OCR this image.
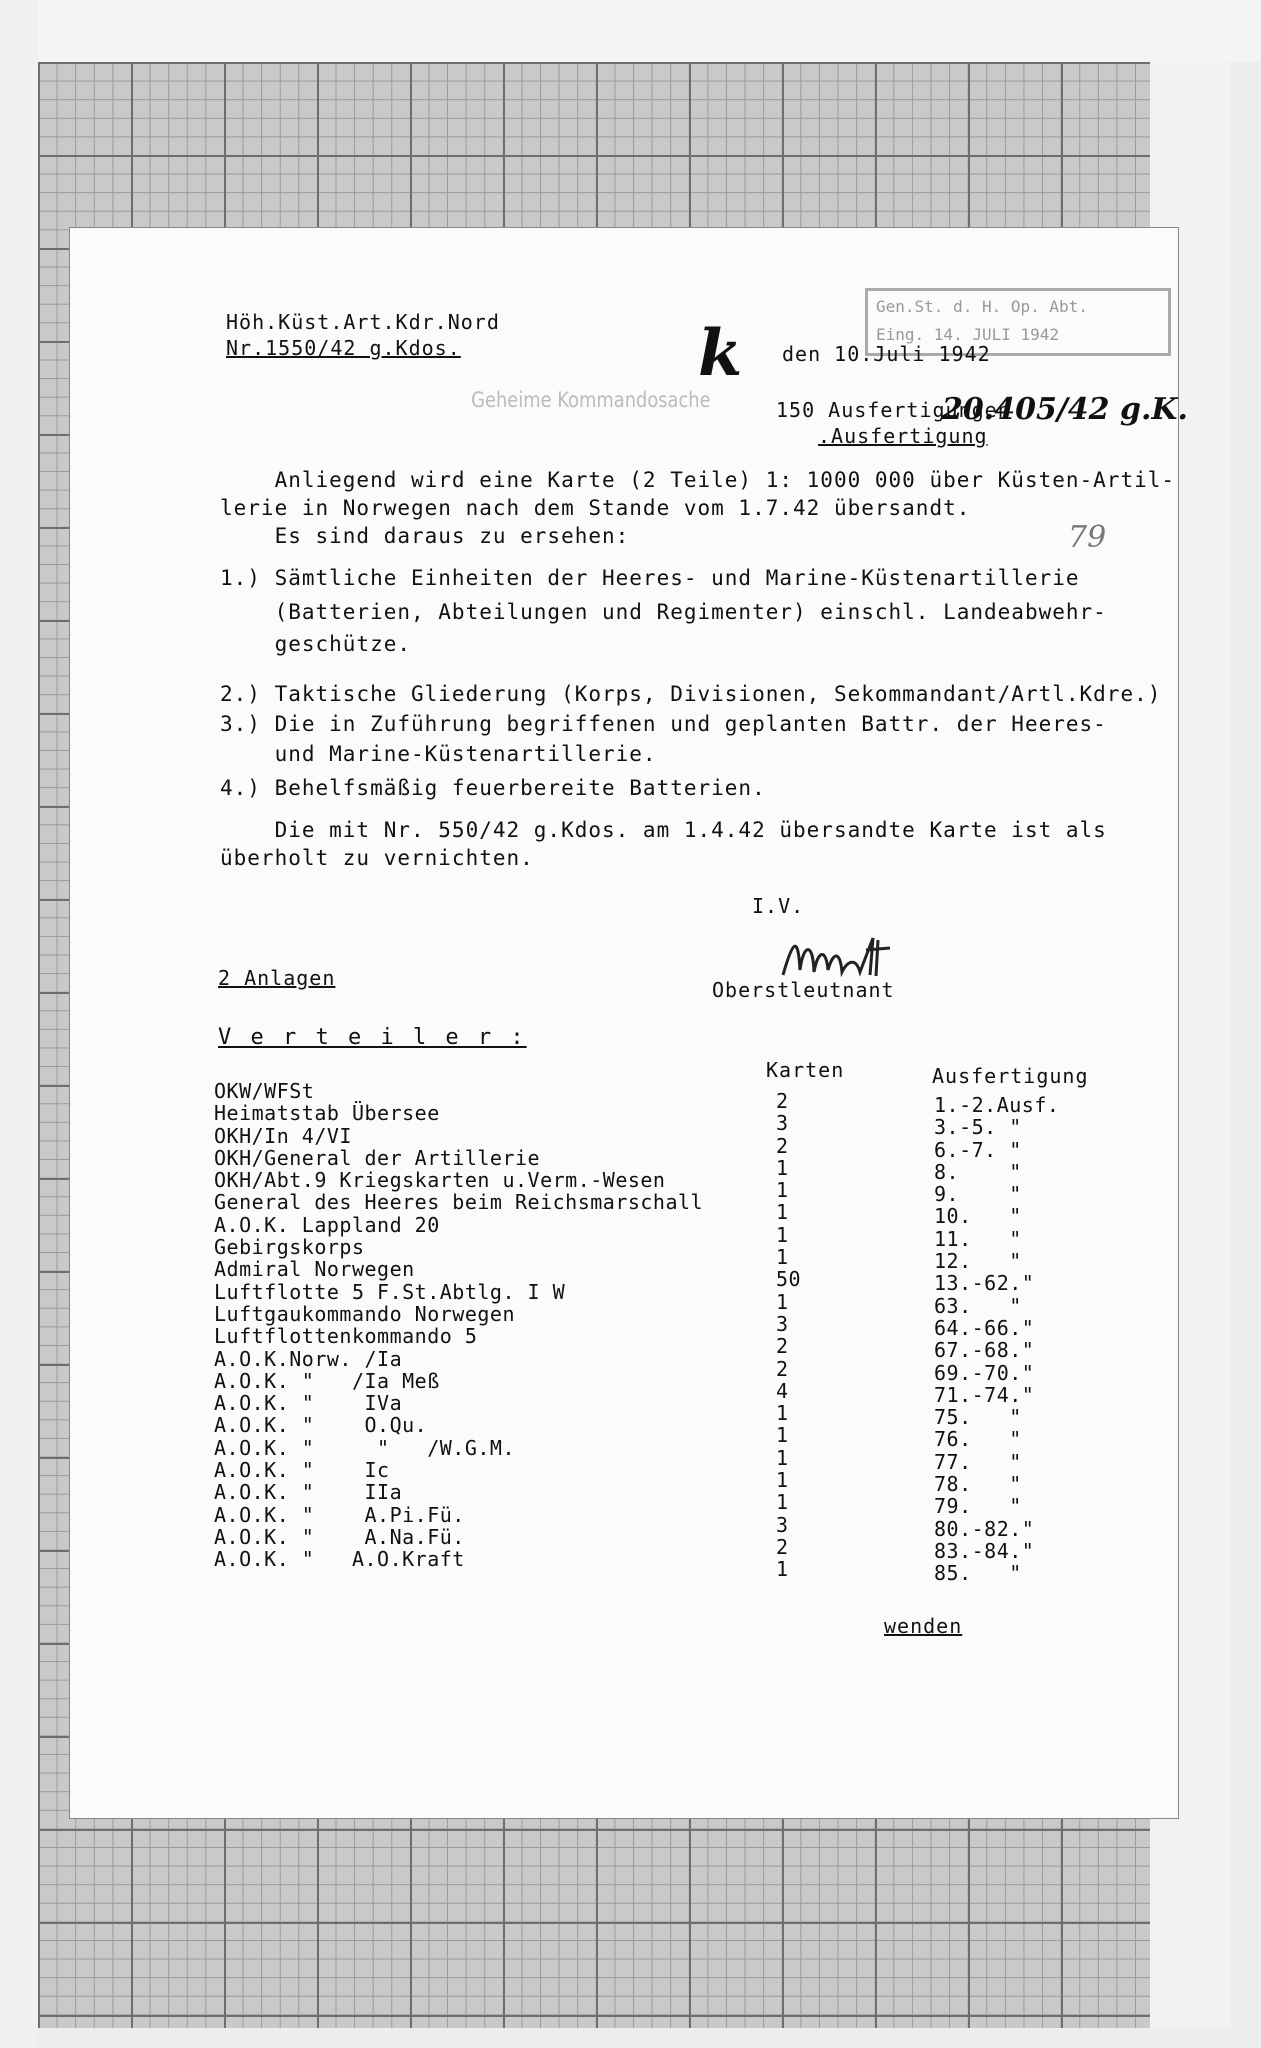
Gen.St. d. H. Op. Abt.
Eing. 14. JULI 1942
Höh.Küst.Art.Kdr.Nord
Nr.1550/42 g.Kdos.
Geheime Kommandosache
k den 10.Juli 1942
150 Ausfertigungen
.Ausfertigung
20.405/42 g.K.
79
Anliegend wird eine Karte (2 Teile) 1: 1000 000 über Küsten-Artil-
lerie in Norwegen nach dem Stande vom 1.7.42 übersandt.
Es sind daraus zu ersehen:
1.) Sämtliche Einheiten der Heeres- und Marine-Küstenartillerie
(Batterien, Abteilungen und Regimenter) einschl. Landeabwehr-
geschütze.
2.) Taktische Gliederung (Korps, Divisionen, Sekommandant/Artl.Kdre.)
3.) Die in Zuführung begriffenen und geplanten Battr. der Heeres-
und Marine-Küstenartillerie.
4.) Behelfsmäßig feuerbereite Batterien.
Die mit Nr. 550/42 g.Kdos. am 1.4.42 übersandte Karte ist als
überholt zu vernichten.
I.V.
Oberstleutnant
2 Anlagen
V e r t e i l e r :
Karten	Ausfertigung
OKW/WFSt
Heimatstab Übersee
OKH/In 4/VI
OKH/General der Artillerie
OKH/Abt.9 Kriegskarten u.Verm.-Wesen
General des Heeres beim Reichsmarschall
A.O.K. Lappland 20
Gebirgskorps
Admiral Norwegen
Luftflotte 5 F.St.Abtlg. I W
Luftgaukommando Norwegen
Luftflottenkommando 5
A.O.K.Norw. /Ia
A.O.K. "   /Ia Meß
A.O.K. "    IVa
A.O.K. "    O.Qu.
A.O.K. "     "   /W.G.M.
A.O.K. "    Ic
A.O.K. "    IIa
A.O.K. "    A.Pi.Fü.
A.O.K. "    A.Na.Fü.
A.O.K. "   A.O.Kraft
2
3
2
1
1
1
1
1
50
1
3
2
2
4
1
1
1
1
1
3
2
1
1.-2.Ausf.
3.-5. "
6.-7. "
8.    "
9.    "
10.   "
11.   "
12.   "
13.-62."
63.   "
64.-66."
67.-68."
69.-70."
71.-74."
75.   "
76.   "
77.   "
78.   "
79.   "
80.-82."
83.-84."
85.   "
wenden
